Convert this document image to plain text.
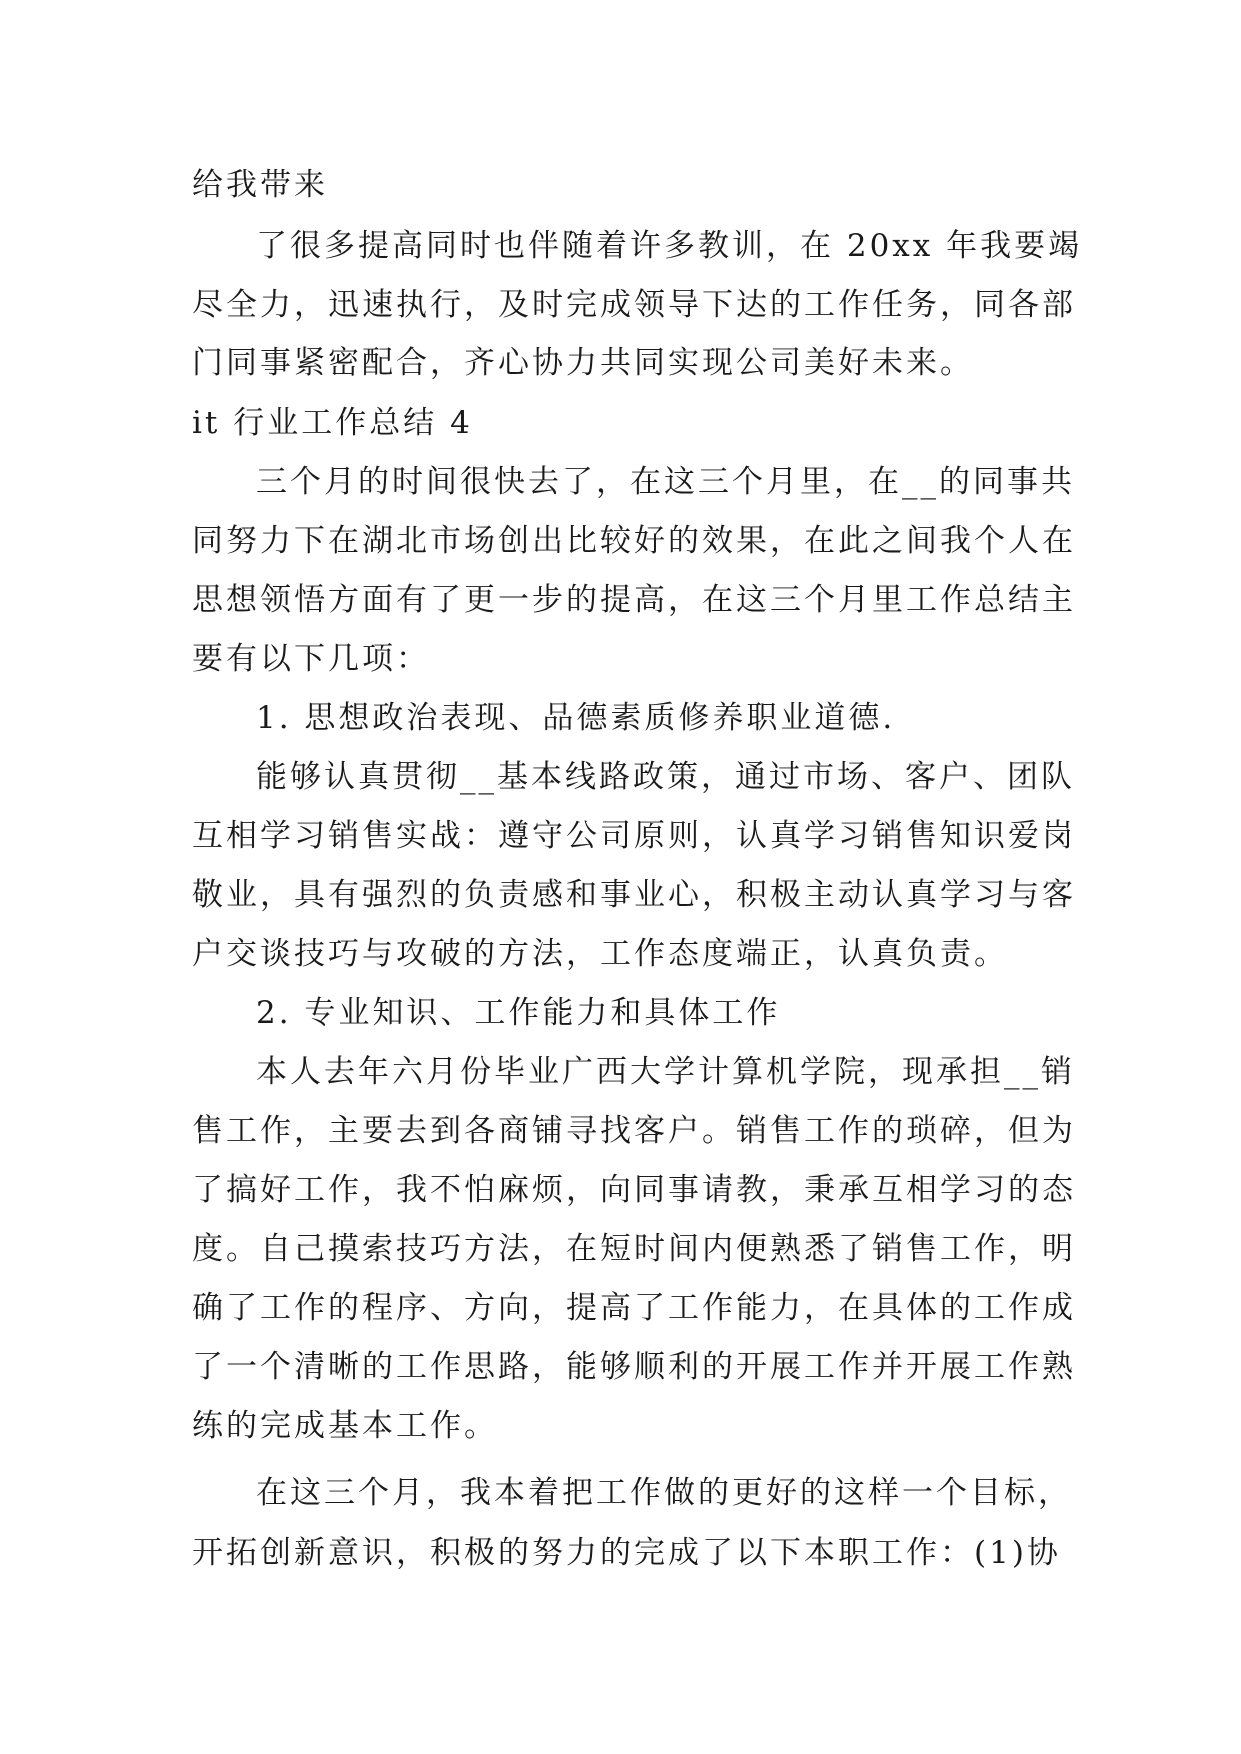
给我带来
了很多提高同时也伴随着许多教训，在 20xx 年我要竭
尽全力，迅速执行，及时完成领导下达的工作任务，同各部
门同事紧密配合，齐心协力共同实现公司美好未来。
it 行业工作总结 4
三个月的时间很快去了，在这三个月里，在__的同事共
同努力下在湖北市场创出比较好的效果，在此之间我个人在
思想领悟方面有了更一步的提高，在这三个月里工作总结主
要有以下几项：
1. 思想政治表现、品德素质修养职业道德.
能够认真贯彻__基本线路政策，通过市场、客户、团队
互相学习销售实战：遵守公司原则，认真学习销售知识爱岗
敬业，具有强烈的负责感和事业心，积极主动认真学习与客
户交谈技巧与攻破的方法，工作态度端正，认真负责。
2. 专业知识、工作能力和具体工作
本人去年六月份毕业广西大学计算机学院，现承担__销
售工作，主要去到各商铺寻找客户。销售工作的琐碎，但为
了搞好工作，我不怕麻烦，向同事请教，秉承互相学习的态
度。自己摸索技巧方法，在短时间内便熟悉了销售工作，明
确了工作的程序、方向，提高了工作能力，在具体的工作成
了一个清晰的工作思路，能够顺利的开展工作并开展工作熟
练的完成基本工作。
在这三个月，我本着把工作做的更好的这样一个目标，
开拓创新意识，积极的努力的完成了以下本职工作：(1)协
